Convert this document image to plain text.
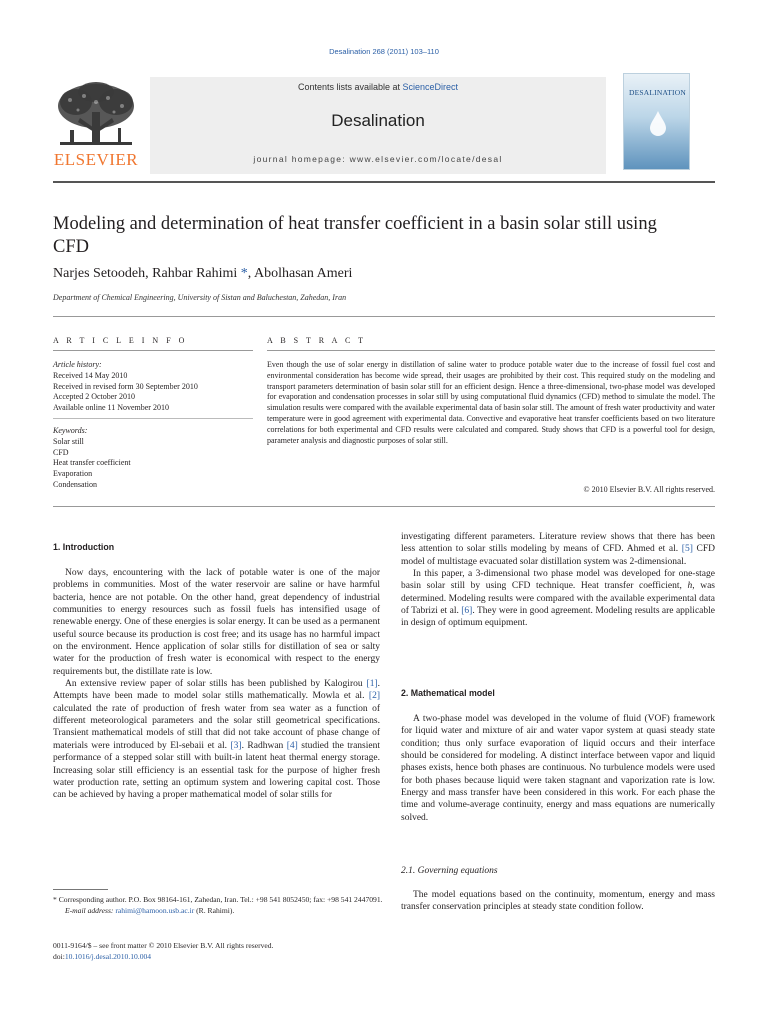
Desalination 268 (2011) 103–110
Contents lists available at ScienceDirect
Desalination
journal homepage: www.elsevier.com/locate/desal
ELSEVIER
DESALINATION
Modeling and determination of heat transfer coefficient in a basin solar still using CFD
Narjes Setoodeh, Rahbar Rahimi *, Abolhasan Ameri
Department of Chemical Engineering, University of Sistan and Baluchestan, Zahedan, Iran
A R T I C L E I N F O	A B S T R A C T
Article history:
Received 14 May 2010
Received in revised form 30 September 2010
Accepted 2 October 2010
Available online 11 November 2010
Keywords:
Solar still
CFD
Heat transfer coefficient
Evaporation
Condensation
Even though the use of solar energy in distillation of saline water to produce potable water due to the increase of fossil fuel cost and environmental consideration has become wide spread, their usages are prohibited by their cost. This required study on the modeling and transport parameters determination of basin solar still for an efficient design. Hence a three-dimensional, two-phase model was developed for evaporation and condensation processes in solar still by using computational fluid dynamics (CFD) method to simulate the model. The simulation results were compared with the available experimental data of basin solar still. The amount of fresh water productivity and water temperature were in good agreement with experimental data. Convective and evaporative heat transfer coefficients based on two literature correlations for both experimental and CFD results were calculated and compared. Study shows that CFD is a powerful tool for design, parameter analysis and diagnostic purposes of solar still.
© 2010 Elsevier B.V. All rights reserved.
1. Introduction

Now days, encountering with the lack of potable water is one of the major problems in communities. Most of the water reservoir are saline or have harmful bacteria, hence are not potable. On the other hand, great dependency of industrial communities to energy resources such as fossil fuels has intensified usage of renewable energy. One of these energies is solar energy. It can be used as a permanent useful source because its production is cost free; and its usage has no harmful impact on the environment. Hence application of solar stills for distillation of sea or salty water for the production of fresh water is economical with respect to the energy requirements but, the distillate rate is low.

An extensive review paper of solar stills has been published by Kalogirou [1]. Attempts have been made to model solar stills mathematically. Mowla et al. [2] calculated the rate of production of fresh water from sea water as a function of different meteorological parameters and the solar still geometrical specifications. Transient mathematical models of still that did not take account of phase change of materials were introduced by El-sebaii et al. [3]. Radhwan [4] studied the transient performance of a stepped solar still with built-in latent heat thermal energy storage. Increasing solar still efficiency is an essential task for the purpose of higher fresh water production rate, setting an optimum system and lowering capital cost. Those can be achieved by having a proper mathematical model of solar stills for

investigating different parameters. Literature review shows that there has been less attention to solar stills modeling by means of CFD. Ahmed et al. [5] CFD model of multistage evacuated solar distillation system was 2-dimensional.

In this paper, a 3-dimensional two phase model was developed for one-stage basin solar still by using CFD technique. Heat transfer coefficient, h, was determined. Modeling results were compared with the available experimental data of Tabrizi et al. [6]. They were in good agreement. Modeling results are applicable in design of optimum equipment.

2. Mathematical model

A two-phase model was developed in the volume of fluid (VOF) framework for liquid water and mixture of air and water vapor system at quasi steady state condition; thus only surface evaporation of liquid occurs and their interface should be considered for modeling. A distinct interface between vapor and liquid phases exists, hence both phases are continuous. No turbulence models were used for both phases because liquid were taken stagnant and vaporization rate is low. Energy and mass transfer have been considered in this work. For each phase the time and volume-average continuity, energy and mass equations are numerically solved.

2.1. Governing equations

The model equations based on the continuity, momentum, energy and mass transfer conservation principles at steady state condition follow.

* Corresponding author. P.O. Box 98164-161, Zahedan, Iran. Tel.: +98 541 8052450; fax: +98 541 2447091.
E-mail address: rahimi@hamoon.usb.ac.ir (R. Rahimi).
0011-9164/$ – see front matter © 2010 Elsevier B.V. All rights reserved.
doi:10.1016/j.desal.2010.10.004
